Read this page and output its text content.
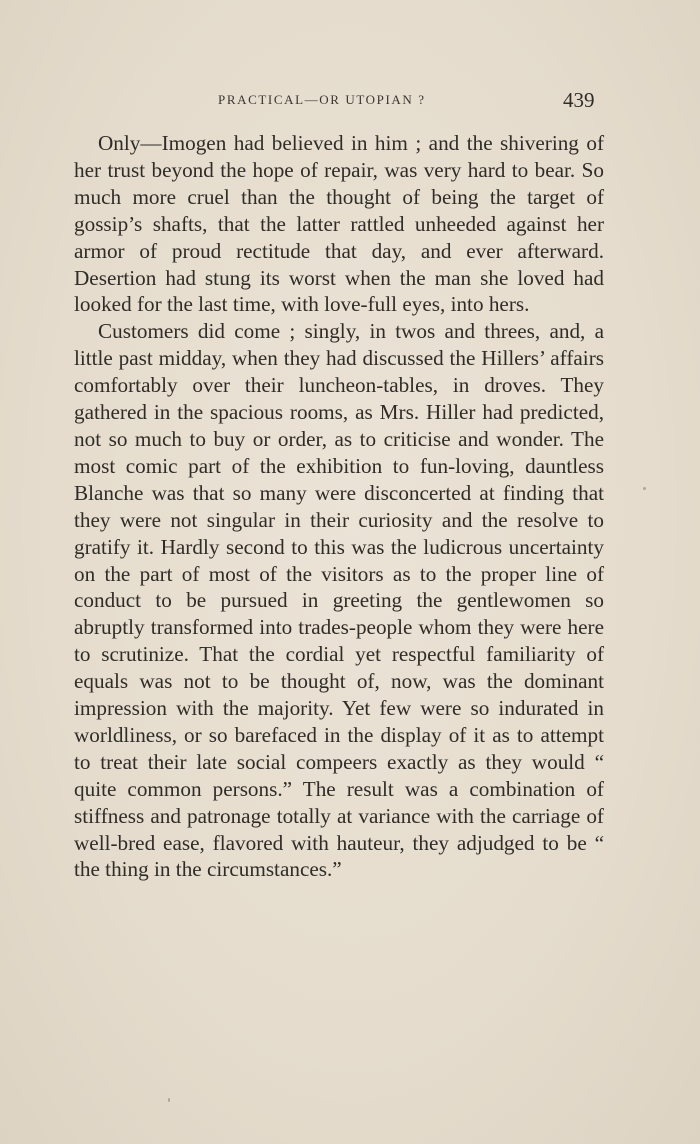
PRACTICAL—OR UTOPIAN ?	439

Only—Imogen had believed in him ; and the shivering of her trust beyond the hope of repair, was very hard to bear. So much more cruel than the thought of being the target of gossip’s shafts, that the latter rattled unheeded against her armor of proud rectitude that day, and ever afterward. Desertion had stung its worst when the man she loved had looked for the last time, with love-full eyes, into hers.

Customers did come ; singly, in twos and threes, and, a little past midday, when they had discussed the Hillers’ affairs comfortably over their luncheon-tables, in droves. They gathered in the spacious rooms, as Mrs. Hiller had predicted, not so much to buy or order, as to criticise and wonder. The most comic part of the exhibition to fun-loving, dauntless Blanche was that so many were disconcerted at finding that they were not singular in their curiosity and the resolve to gratify it. Hardly second to this was the ludicrous uncertainty on the part of most of the visitors as to the proper line of conduct to be pursued in greeting the gentlewomen so abruptly transformed into trades-people whom they were here to scrutinize. That the cordial yet respectful familiarity of equals was not to be thought of, now, was the dominant impression with the majority. Yet few were so indurated in worldliness, or so barefaced in the display of it as to attempt to treat their late social compeers exactly as they would “ quite common persons.” The result was a combination of stiffness and patronage totally at variance with the carriage of well-bred ease, flavored with hauteur, they adjudged to be “ the thing in the circumstances.”
